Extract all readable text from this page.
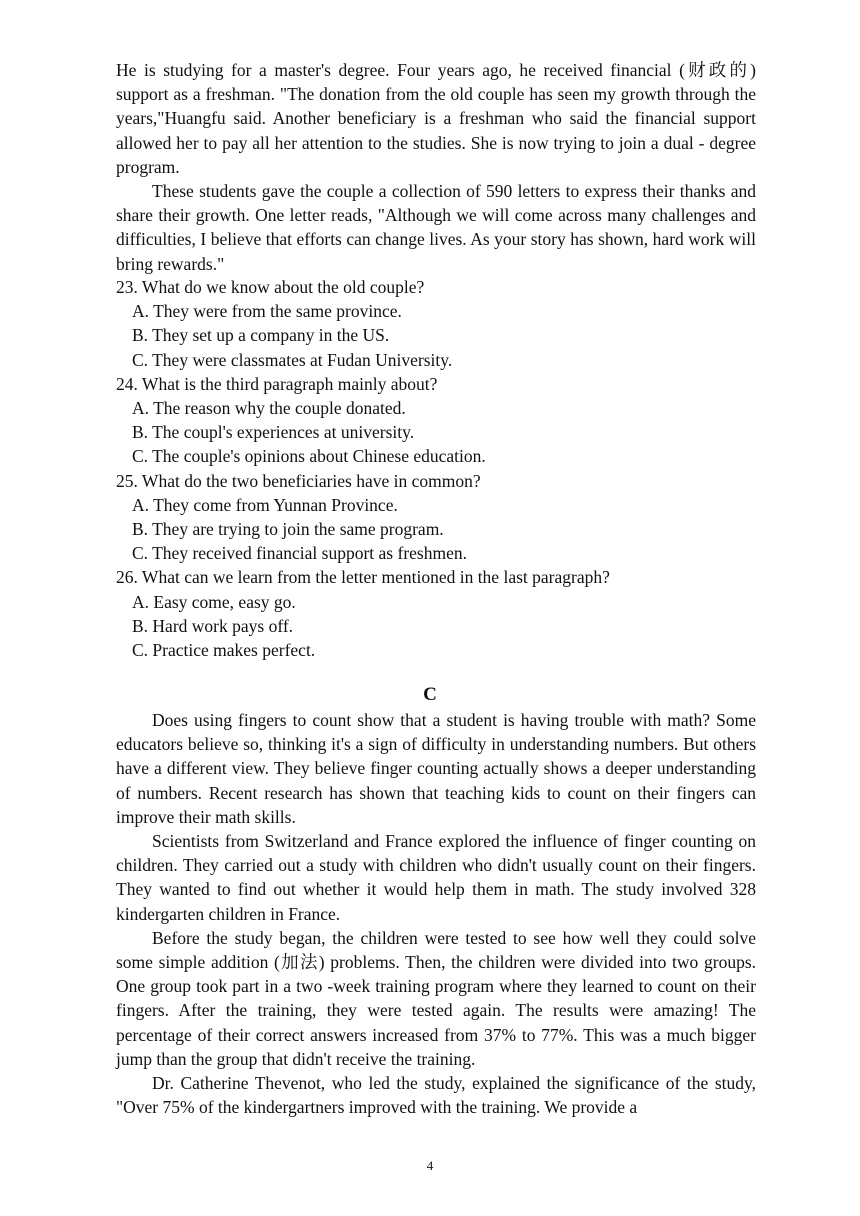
He is studying for a master's degree. Four years ago, he received financial (财政的) support as a freshman. "The donation from the old couple has seen my growth through the years,"Huangfu said. Another beneficiary is a freshman who said the financial support allowed her to pay all her attention to the studies. She is now trying to join a dual - degree program.

These students gave the couple a collection of 590 letters to express their thanks and share their growth. One letter reads, "Although we will come across many challenges and difficulties, I believe that efforts can change lives. As your story has shown, hard work will bring rewards."

23. What do we know about the old couple?

A. They were from the same province.

B. They set up a company in the US.

C. They were classmates at Fudan University.

24. What is the third paragraph mainly about?

A. The reason why the couple donated.

B. The coupl's experiences at university.

C. The couple's opinions about Chinese education.

25. What do the two beneficiaries have in common?

A. They come from Yunnan Province.

B. They are trying to join the same program.

C. They received financial support as freshmen.

26. What can we learn from the letter mentioned in the last paragraph?

A. Easy come, easy go.

B. Hard work pays off.

C. Practice makes perfect.

C

Does using fingers to count show that a student is having trouble with math? Some educators believe so, thinking it's a sign of difficulty in understanding numbers. But others have a different view. They believe finger counting actually shows a deeper understanding of numbers. Recent research has shown that teaching kids to count on their fingers can improve their math skills.

Scientists from Switzerland and France explored the influence of finger counting on children. They carried out a study with children who didn't usually count on their fingers. They wanted to find out whether it would help them in math. The study involved 328 kindergarten children in France.

Before the study began, the children were tested to see how well they could solve some simple addition (加法) problems. Then, the children were divided into two groups. One group took part in a two -week training program where they learned to count on their fingers. After the training, they were tested again. The results were amazing! The percentage of their correct answers increased from 37% to 77%. This was a much bigger jump than the group that didn't receive the training.

Dr. Catherine Thevenot, who led the study, explained the significance of the study, "Over 75% of the kindergartners improved with the training. We provide a

4
